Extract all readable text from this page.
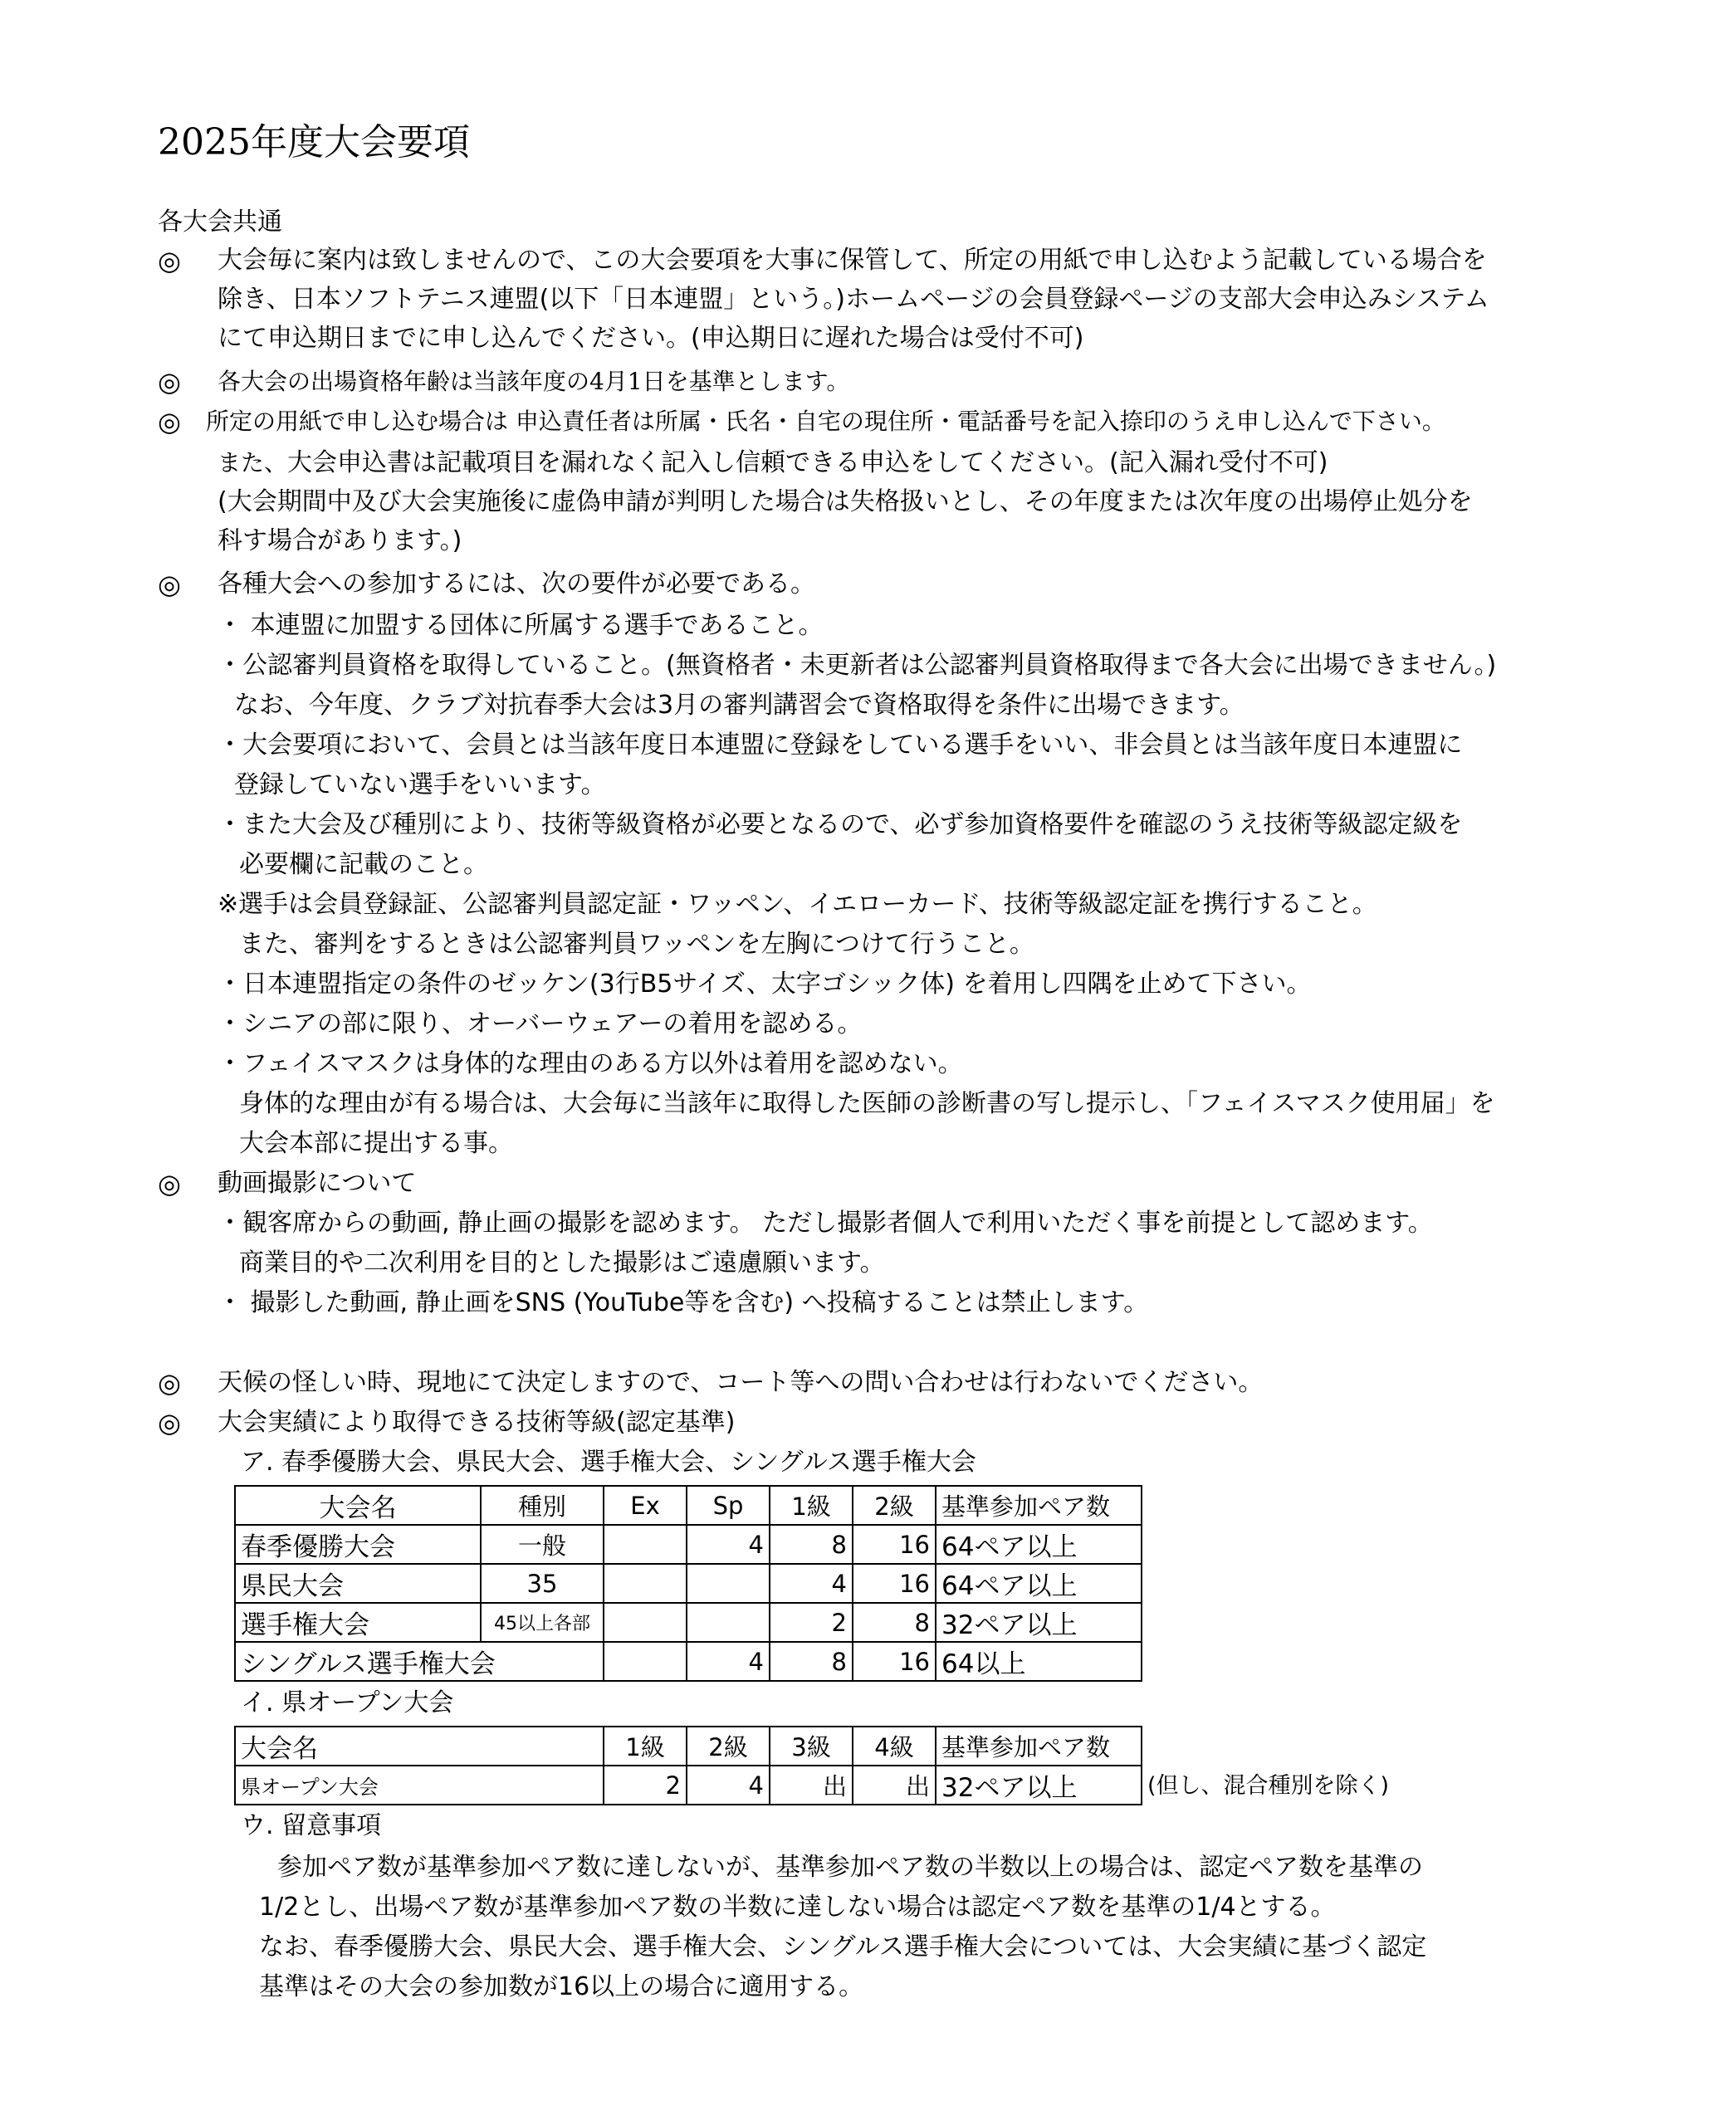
2025年度大会要項
各大会共通
◎ 大会毎に案内は致しませんので、この大会要項を大事に保管して、所定の用紙で申し込むよう記載している場合を
除き、日本ソフトテニス連盟(以下「日本連盟」という。)ホームページの会員登録ページの支部大会申込みシステム
にて申込期日までに申し込んでください。(申込期日に遅れた場合は受付不可)
◎ 各大会の出場資格年齢は当該年度の4月1日を基準とします。
◎ 所定の用紙で申し込む場合は 申込責任者は所属・氏名・自宅の現住所・電話番号を記入捺印のうえ申し込んで下さい。
また、大会申込書は記載項目を漏れなく記入し信頼できる申込をしてください。(記入漏れ受付不可)
(大会期間中及び大会実施後に虚偽申請が判明した場合は失格扱いとし、その年度または次年度の出場停止処分を
科す場合があります。)
◎ 各種大会への参加するには、次の要件が必要である。
・ 本連盟に加盟する団体に所属する選手であること。
・公認審判員資格を取得していること。(無資格者・未更新者は公認審判員資格取得まで各大会に出場できません。)
なお、今年度、クラブ対抗春季大会は3月の審判講習会で資格取得を条件に出場できます。
・大会要項において、会員とは当該年度日本連盟に登録をしている選手をいい、非会員とは当該年度日本連盟に
登録していない選手をいいます。
・また大会及び種別により、技術等級資格が必要となるので、必ず参加資格要件を確認のうえ技術等級認定級を
必要欄に記載のこと。
※選手は会員登録証、公認審判員認定証・ワッペン、イエローカード、技術等級認定証を携行すること。
また、審判をするときは公認審判員ワッペンを左胸につけて行うこと。
・日本連盟指定の条件のゼッケン(3行B5サイズ、太字ゴシック体) を着用し四隅を止めて下さい。
・シニアの部に限り、オーバーウェアーの着用を認める。
・フェイスマスクは身体的な理由のある方以外は着用を認めない。
身体的な理由が有る場合は、大会毎に当該年に取得した医師の診断書の写し提示し、「フェイスマスク使用届」を
大会本部に提出する事。
◎ 動画撮影について
・観客席からの動画, 静止画の撮影を認めます。 ただし撮影者個人で利用いただく事を前提として認めます。
商業目的や二次利用を目的とした撮影はご遠慮願います。
・ 撮影した動画, 静止画をSNS (YouTube等を含む) へ投稿することは禁止します。
◎ 天候の怪しい時、現地にて決定しますので、コート等への問い合わせは行わないでください。
◎ 大会実績により取得できる技術等級(認定基準)
ア. 春季優勝大会、県民大会、選手権大会、シングルス選手権大会
大会名	種別	Ex	Sp	1級	2級	基準参加ペア数
春季優勝大会	一般		4	8	16	64ペア以上
県民大会	35			4	16	64ペア以上
選手権大会	45以上各部			2	8	32ペア以上
シングルス選手権大会			4	8	16	64以上
イ. 県オープン大会
大会名	1級	2級	3級	4級	基準参加ペア数
県オープン大会	2	4	出	出	32ペア以上	(但し、混合種別を除く)
ウ. 留意事項
参加ペア数が基準参加ペア数に達しないが、基準参加ペア数の半数以上の場合は、認定ペア数を基準の
1/2とし、出場ペア数が基準参加ペア数の半数に達しない場合は認定ペア数を基準の1/4とする。
なお、春季優勝大会、県民大会、選手権大会、シングルス選手権大会については、大会実績に基づく認定
基準はその大会の参加数が16以上の場合に適用する。
